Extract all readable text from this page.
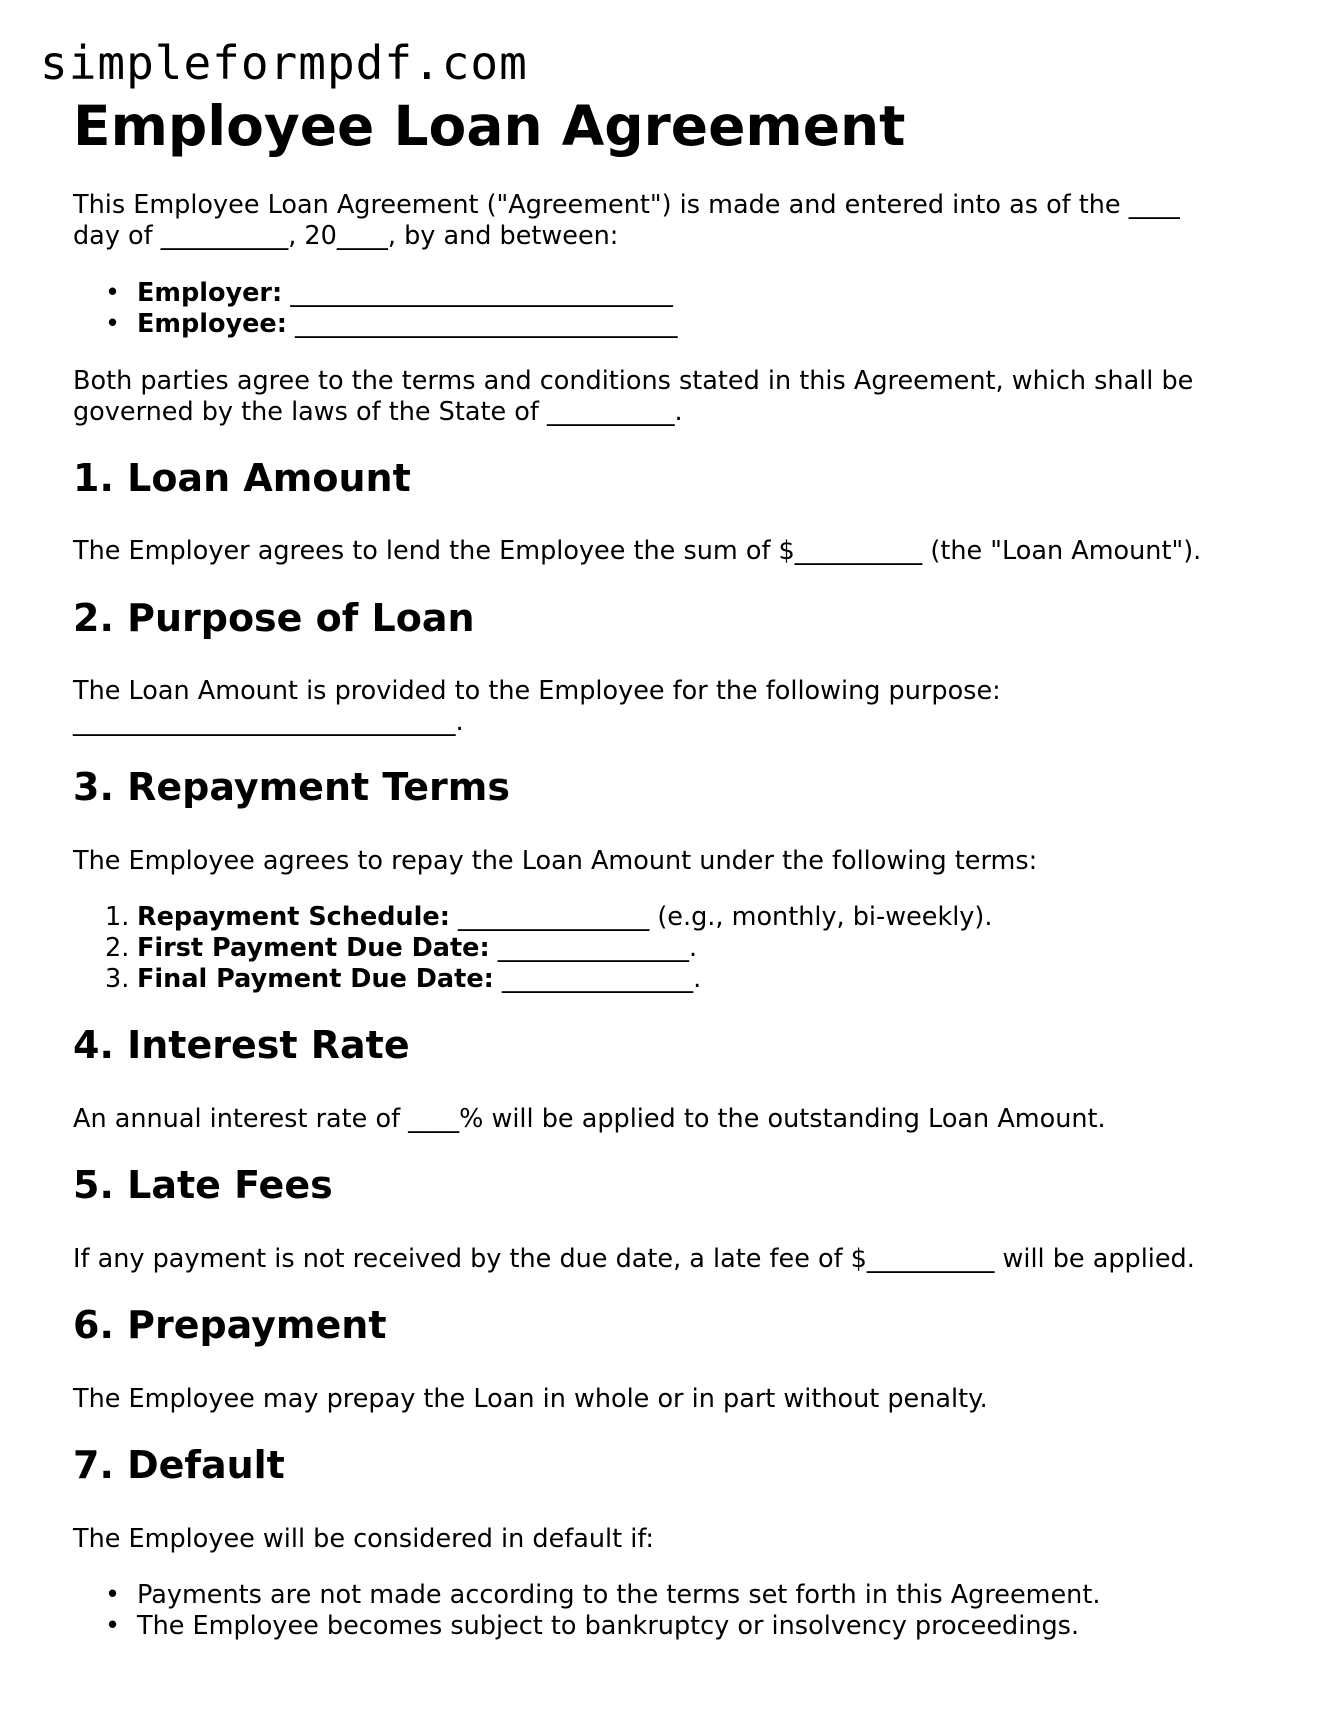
simpleformpdf.com
Employee Loan Agreement

This Employee Loan Agreement ("Agreement") is made and entered into as of the ____

day of __________, 20____, by and between:

• Employer: ______________________________
• Employee: ______________________________

Both parties agree to the terms and conditions stated in this Agreement, which shall be

governed by the laws of the State of __________.

1. Loan Amount

The Employer agrees to lend the Employee the sum of $__________ (the "Loan Amount").

2. Purpose of Loan

The Loan Amount is provided to the Employee for the following purpose:

______________________________.

3. Repayment Terms

The Employee agrees to repay the Loan Amount under the following terms:

1. Repayment Schedule: _______________ (e.g., monthly, bi-weekly).
2. First Payment Due Date: _______________.
3. Final Payment Due Date: _______________.
4. Interest Rate

An annual interest rate of ____% will be applied to the outstanding Loan Amount.

5. Late Fees

If any payment is not received by the due date, a late fee of $__________ will be applied.

6. Prepayment

The Employee may prepay the Loan in whole or in part without penalty.

7. Default

The Employee will be considered in default if:

• Payments are not made according to the terms set forth in this Agreement.
• The Employee becomes subject to bankruptcy or insolvency proceedings.
